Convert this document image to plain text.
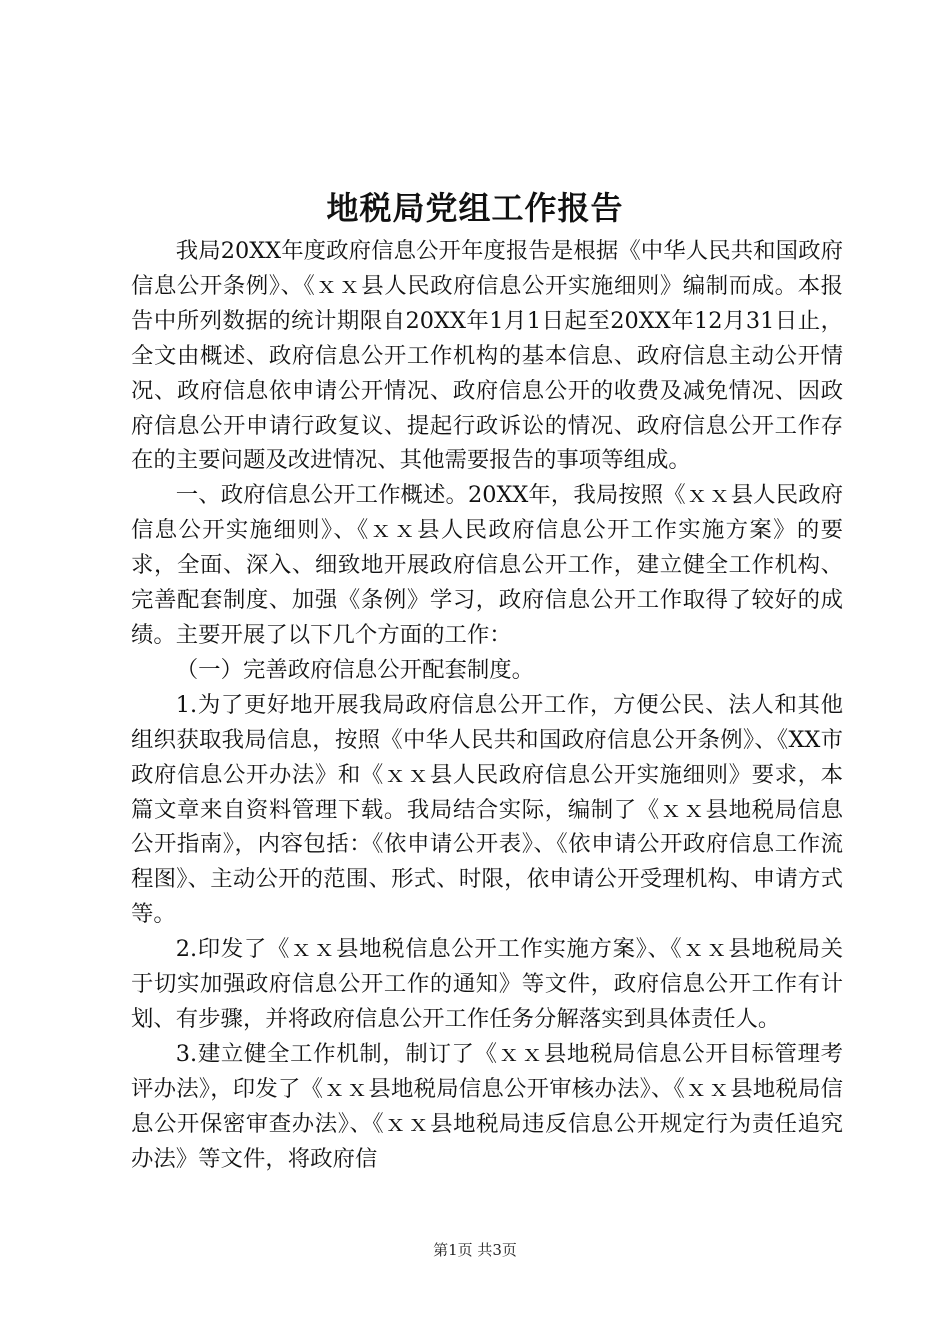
地税局党组工作报告

我局20XX年度政府信息公开年度报告是根据《中华人民共和国政府信息公开条例》、《ｘｘ县人民政府信息公开实施细则》编制而成。本报告中所列数据的统计期限自20XX年1月1日起至20XX年12月31日止，全文由概述、政府信息公开工作机构的基本信息、政府信息主动公开情况、政府信息依申请公开情况、政府信息公开的收费及减免情况、因政府信息公开申请行政复议、提起行政诉讼的情况、政府信息公开工作存在的主要问题及改进情况、其他需要报告的事项等组成。

一、政府信息公开工作概述。20XX年，我局按照《ｘｘ县人民政府信息公开实施细则》、《ｘｘ县人民政府信息公开工作实施方案》的要求，全面、深入、细致地开展政府信息公开工作，建立健全工作机构、完善配套制度、加强《条例》学习，政府信息公开工作取得了较好的成绩。主要开展了以下几个方面的工作：

（一）完善政府信息公开配套制度。

1.为了更好地开展我局政府信息公开工作，方便公民、法人和其他组织获取我局信息，按照《中华人民共和国政府信息公开条例》、《XX市政府信息公开办法》和《ｘｘ县人民政府信息公开实施细则》要求，本篇文章来自资料管理下载。我局结合实际，编制了《ｘｘ县地税局信息公开指南》，内容包括：《依申请公开表》、《依申请公开政府信息工作流程图》、主动公开的范围、形式、时限，依申请公开受理机构、申请方式等。

2.印发了《ｘｘ县地税信息公开工作实施方案》、《ｘｘ县地税局关于切实加强政府信息公开工作的通知》等文件，政府信息公开工作有计划、有步骤，并将政府信息公开工作任务分解落实到具体责任人。

3.建立健全工作机制，制订了《ｘｘ县地税局信息公开目标管理考评办法》，印发了《ｘｘ县地税局信息公开审核办法》、《ｘｘ县地税局信息公开保密审查办法》、《ｘｘ县地税局违反信息公开规定行为责任追究办法》等文件，将政府信

第1页 共3页
